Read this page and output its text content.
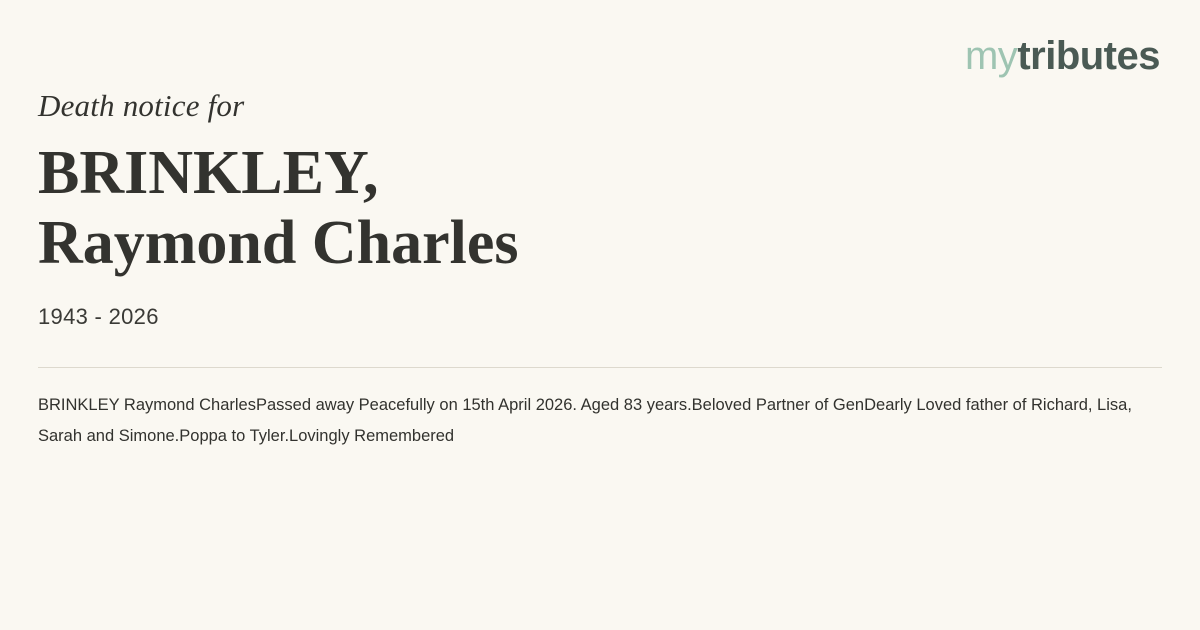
mytributes
Death notice for
BRINKLEY,
Raymond Charles
1943 - 2026

BRINKLEY Raymond CharlesPassed away Peacefully on 15th April 2026. Aged 83 years.Beloved Partner of GenDearly Loved father of Richard, Lisa, Sarah and Simone.Poppa to Tyler.Lovingly Remembered
